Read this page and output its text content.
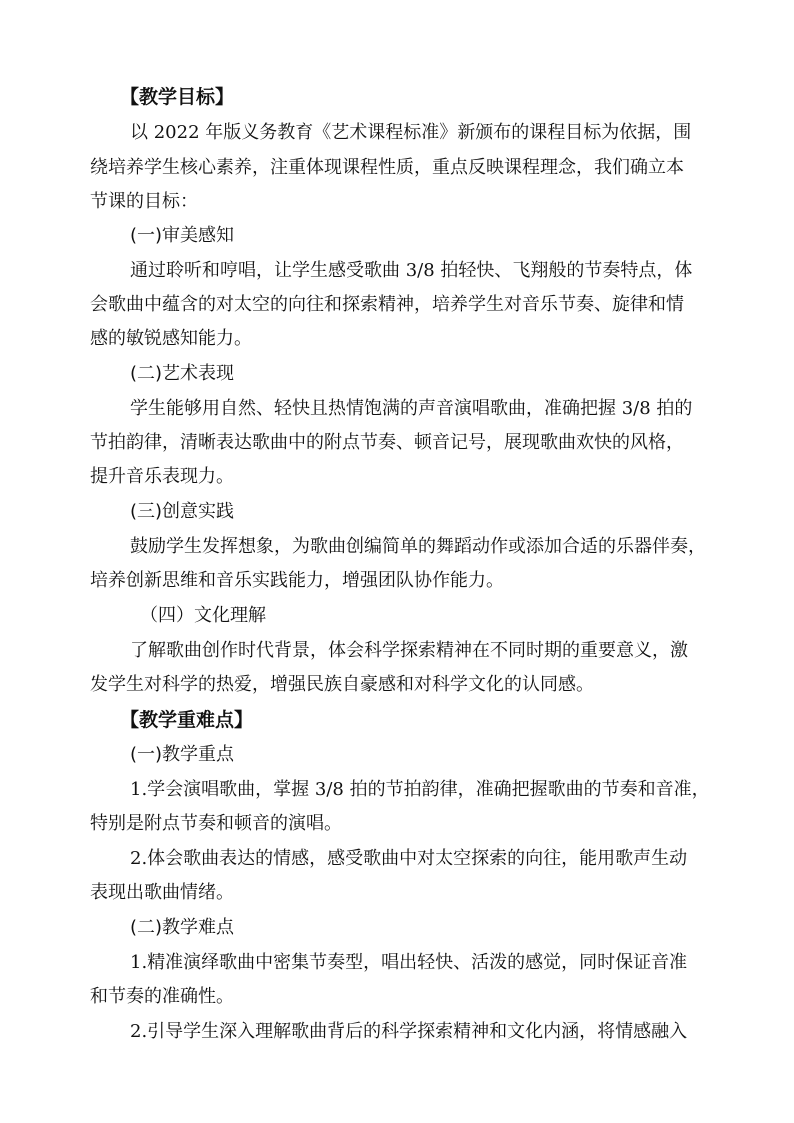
【教学目标】
以 2022 年版义务教育《艺术课程标准》新颁布的课程目标为依据，围
绕培养学生核心素养，注重体现课程性质，重点反映课程理念，我们确立本
节课的目标：
(一)审美感知
通过聆听和哼唱，让学生感受歌曲 3/8 拍轻快、飞翔般的节奏特点，体
会歌曲中蕴含的对太空的向往和探索精神，培养学生对音乐节奏、旋律和情
感的敏锐感知能力。
(二)艺术表现
学生能够用自然、轻快且热情饱满的声音演唱歌曲，准确把握 3/8 拍的
节拍韵律，清晰表达歌曲中的附点节奏、顿音记号，展现歌曲欢快的风格，
提升音乐表现力。
(三)创意实践
鼓励学生发挥想象，为歌曲创编简单的舞蹈动作或添加合适的乐器伴奏，
培养创新思维和音乐实践能力，增强团队协作能力。
（四）文化理解
了解歌曲创作时代背景，体会科学探索精神在不同时期的重要意义，激
发学生对科学的热爱，增强民族自豪感和对科学文化的认同感。
【教学重难点】
(一)教学重点
1.学会演唱歌曲，掌握 3/8 拍的节拍韵律，准确把握歌曲的节奏和音准，
特别是附点节奏和顿音的演唱。
2.体会歌曲表达的情感，感受歌曲中对太空探索的向往，能用歌声生动
表现出歌曲情绪。
(二)教学难点
1.精准演绎歌曲中密集节奏型，唱出轻快、活泼的感觉，同时保证音准
和节奏的准确性。
2.引导学生深入理解歌曲背后的科学探索精神和文化内涵，将情感融入
